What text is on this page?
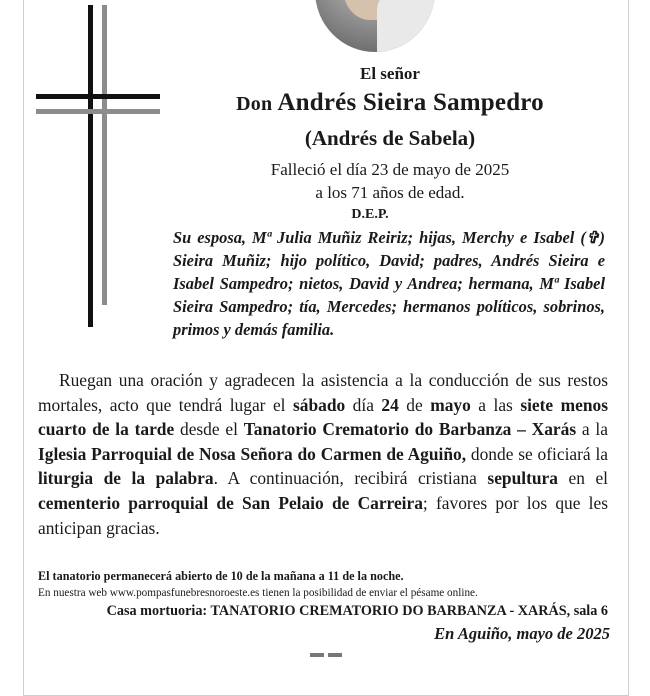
El señor
Don Andrés Sieira Sampedro
(Andrés de Sabela)
Falleció el día 23 de mayo de 2025
a los 71 años de edad.
D.E.P.
Su esposa, Mª Julia Muñiz Reiriz; hijas, Merchy e Isabel (✞) Sieira Muñiz; hijo político, David; padres, Andrés Sieira e Isabel Sampedro; nietos, David y Andrea; hermana, Mª Isabel Sieira Sampedro; tía, Mercedes; hermanos políticos, sobrinos, primos y demás familia.
Ruegan una oración y agradecen la asistencia a la conducción de sus restos mortales, acto que tendrá lugar el sábado día 24 de mayo a las siete menos cuarto de la tarde desde el Tanatorio Crematorio do Barbanza – Xarás a la Iglesia Parroquial de Nosa Señora do Carmen de Aguiño, donde se oficiará la liturgia de la palabra. A continuación, recibirá cristiana sepultura en el cementerio parroquial de San Pelaio de Carreira; favores por los que les anticipan gracias.
El tanatorio permanecerá abierto de 10 de la mañana a 11 de la noche.
En nuestra web www.pompasfunebresnoroeste.es tienen la posibilidad de enviar el pésame online.
Casa mortuoria: TANATORIO CREMATORIO DO BARBANZA - XARÁS, sala 6
En Aguiño, mayo de 2025
